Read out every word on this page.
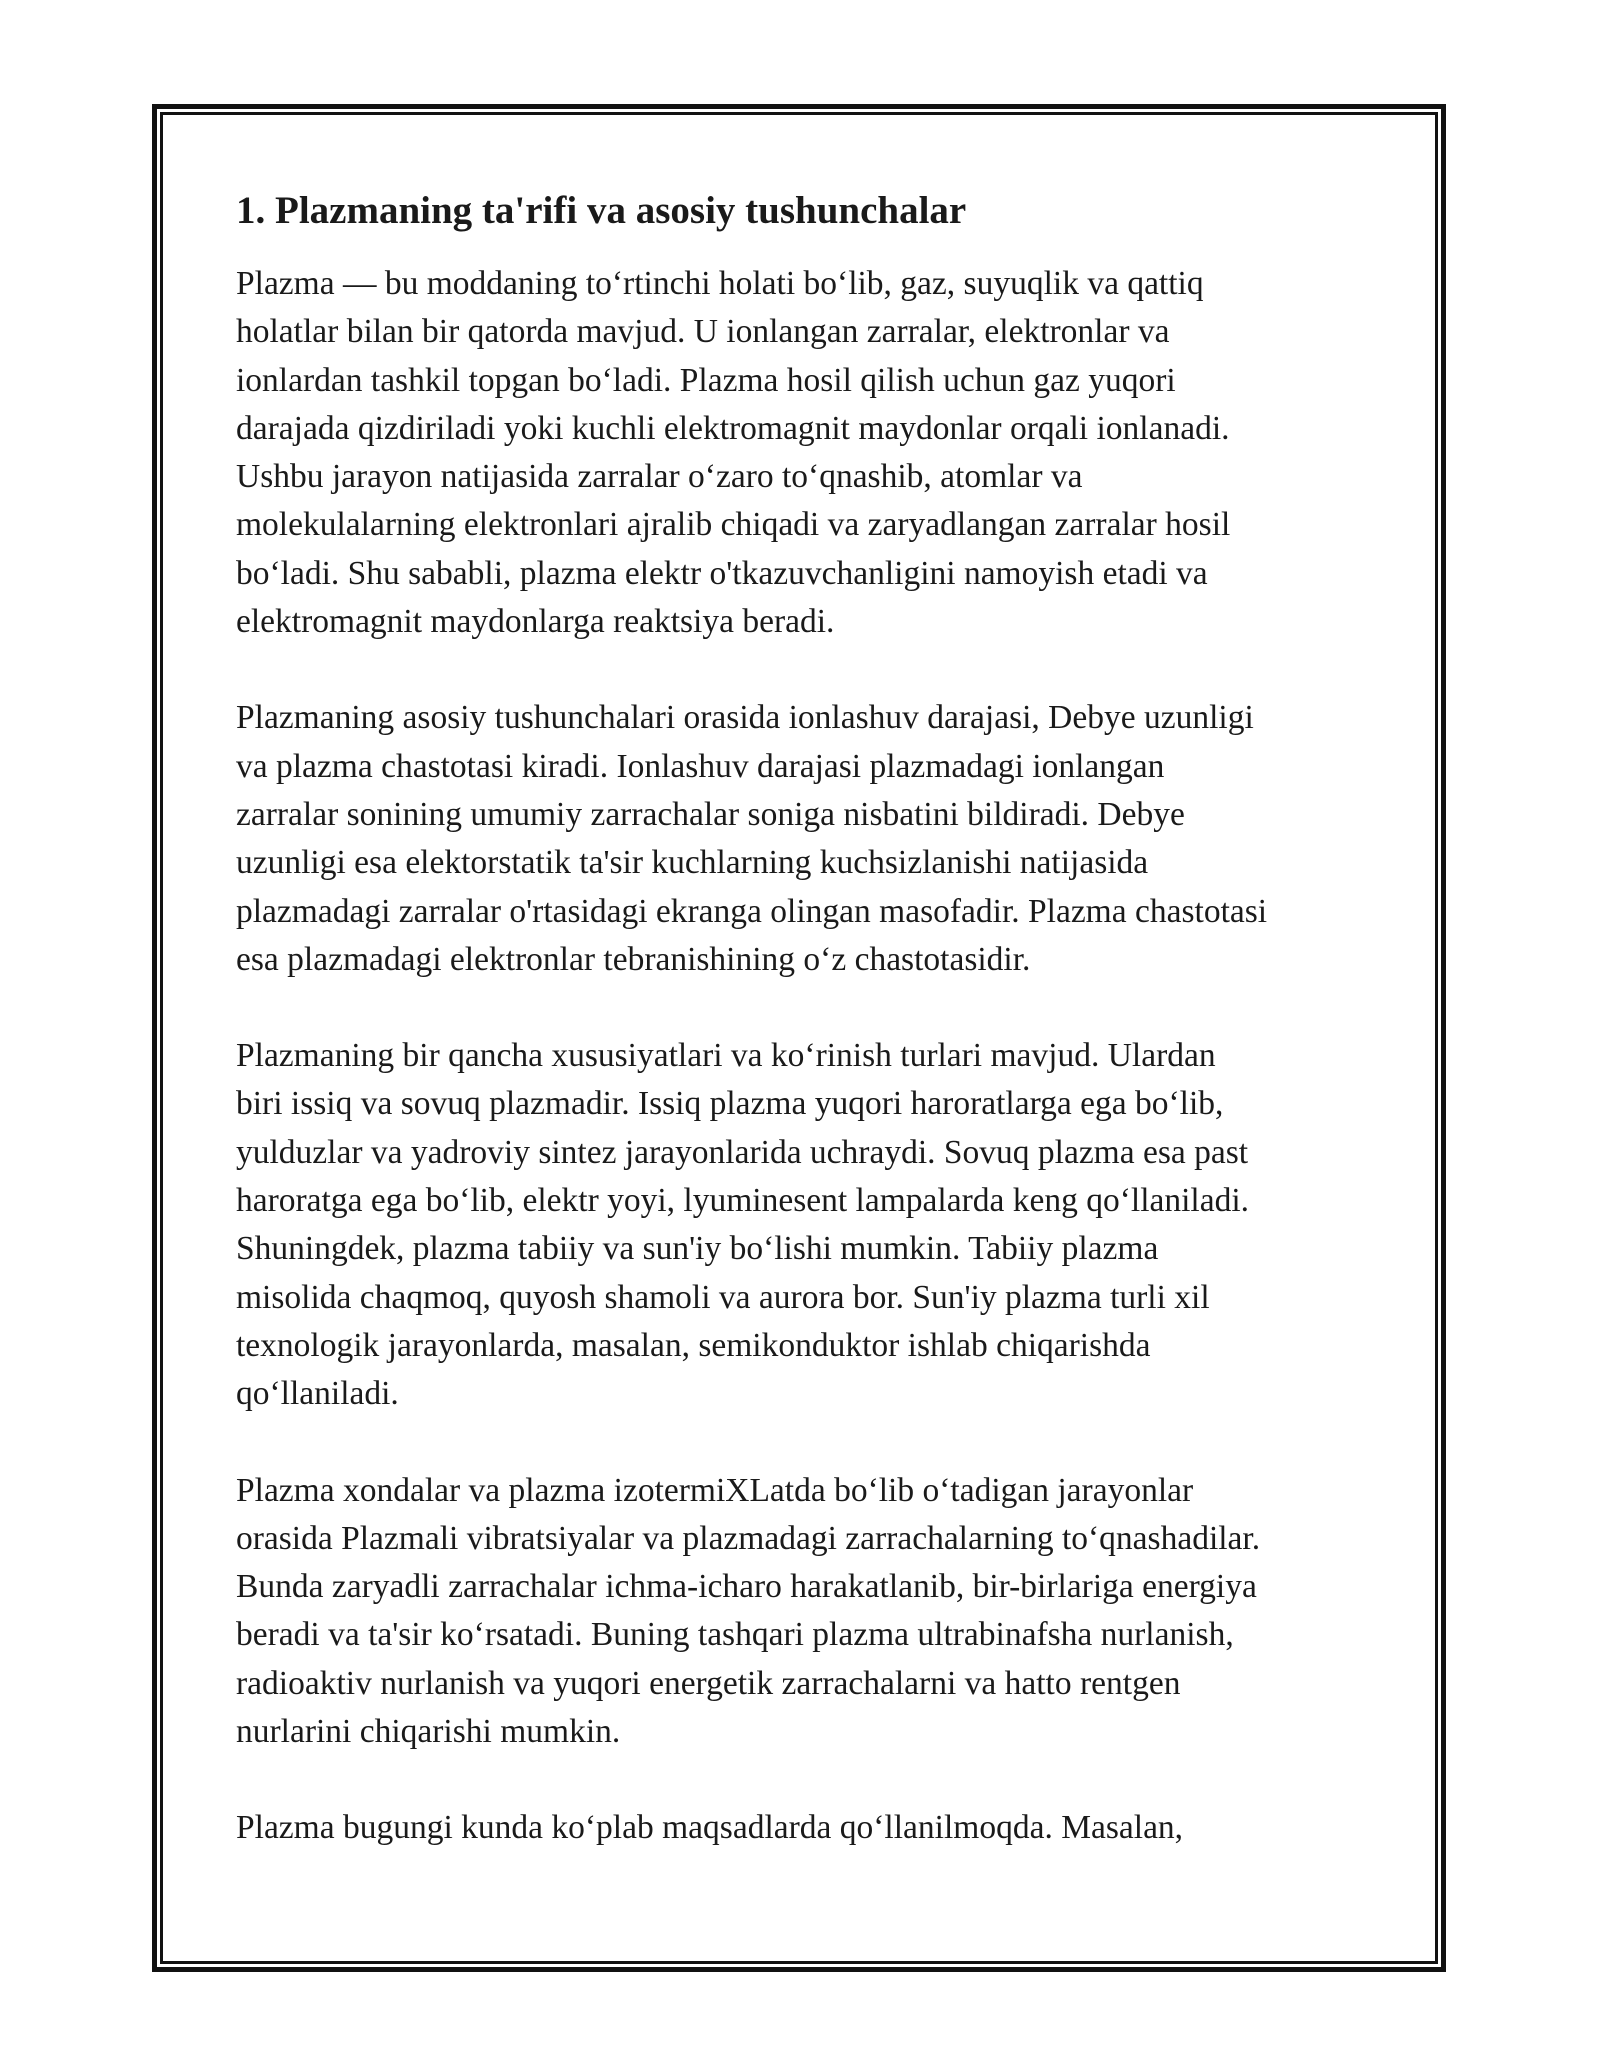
1. Plazmaning ta'rifi va asosiy tushunchalar

Plazma — bu moddaning toʻrtinchi holati boʻlib, gaz, suyuqlik va qattiq
holatlar bilan bir qatorda mavjud. U ionlangan zarralar, elektronlar va
ionlardan tashkil topgan boʻladi. Plazma hosil qilish uchun gaz yuqori
darajada qizdiriladi yoki kuchli elektromagnit maydonlar orqali ionlanadi.
Ushbu jarayon natijasida zarralar oʻzaro toʻqnashib, atomlar va
molekulalarning elektronlari ajralib chiqadi va zaryadlangan zarralar hosil
boʻladi. Shu sababli, plazma elektr o'tkazuvchanligini namoyish etadi va
elektromagnit maydonlarga reaktsiya beradi.

Plazmaning asosiy tushunchalari orasida ionlashuv darajasi, Debye uzunligi
va plazma chastotasi kiradi. Ionlashuv darajasi plazmadagi ionlangan
zarralar sonining umumiy zarrachalar soniga nisbatini bildiradi. Debye
uzunligi esa elektorstatik ta'sir kuchlarning kuchsizlanishi natijasida
plazmadagi zarralar o'rtasidagi ekranga olingan masofadir. Plazma chastotasi
esa plazmadagi elektronlar tebranishining oʻz chastotasidir.

Plazmaning bir qancha xususiyatlari va koʻrinish turlari mavjud. Ulardan
biri issiq va sovuq plazmadir. Issiq plazma yuqori haroratlarga ega boʻlib,
yulduzlar va yadroviy sintez jarayonlarida uchraydi. Sovuq plazma esa past
haroratga ega boʻlib, elektr yoyi, lyuminesent lampalarda keng qoʻllaniladi.
Shuningdek, plazma tabiiy va sun'iy boʻlishi mumkin. Tabiiy plazma
misolida chaqmoq, quyosh shamoli va aurora bor. Sun'iy plazma turli xil
texnologik jarayonlarda, masalan, semikonduktor ishlab chiqarishda
qoʻllaniladi.

Plazma xondalar va plazma izotermiXLatda boʻlib oʻtadigan jarayonlar
orasida Plazmali vibratsiyalar va plazmadagi zarrachalarning toʻqnashadilar.
Bunda zaryadli zarrachalar ichma-icharo harakatlanib, bir-birlariga energiya
beradi va ta'sir koʻrsatadi. Buning tashqari plazma ultrabinafsha nurlanish,
radioaktiv nurlanish va yuqori energetik zarrachalarni va hatto rentgen
nurlarini chiqarishi mumkin.

Plazma bugungi kunda koʻplab maqsadlarda qoʻllanilmoqda. Masalan,
